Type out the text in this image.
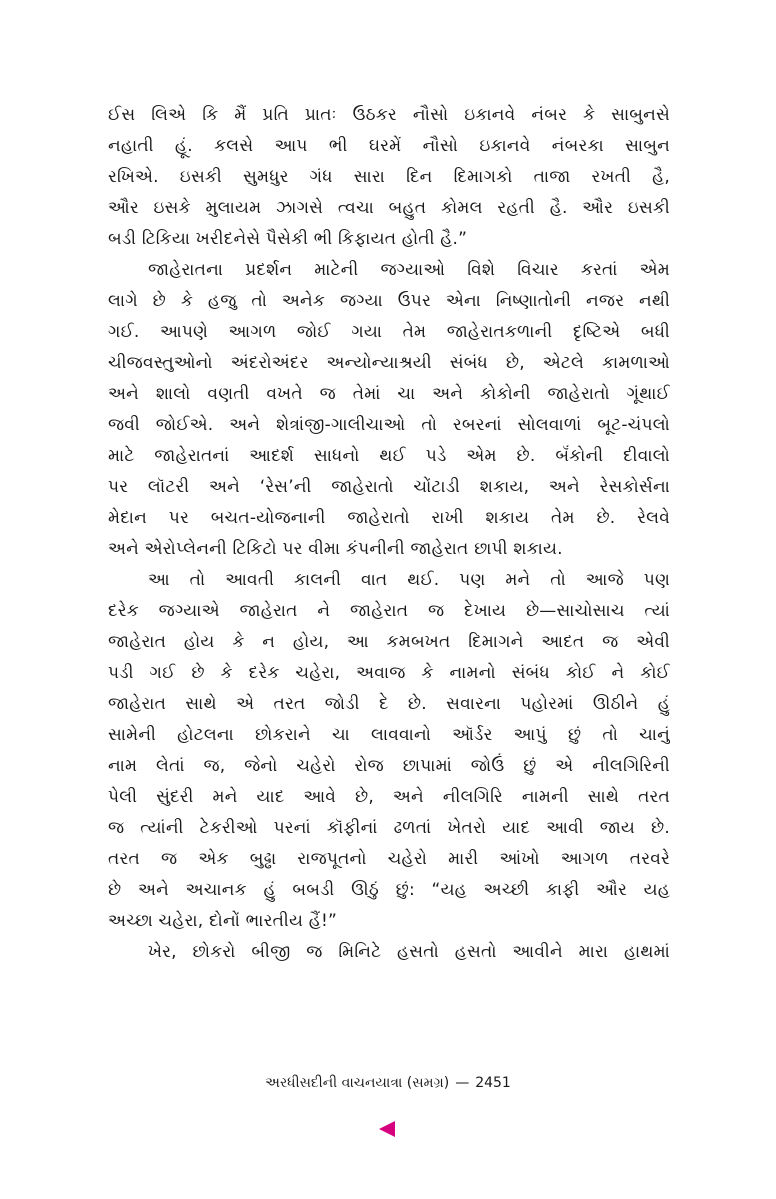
ઈસ લિએ કિ મૈં પ્રતિ પ્રાતઃ ઉઠકર નૌસો ઇકાનવે નંબર કે સાબુનસે
નહાતી હૂં. કલસે આપ ભી ઘરમેં નૌસો ઇકાનવે નંબરકા સાબુન
રખિએ. ઇસકી સુમધુર ગંધ સારા દિન દિમાગકો તાજા રખતી હૈ,
ઔર ઇસકે મુલાયમ ઝાગસે ત્વચા બહુત કોમલ રહતી હૈ. ઔર ઇસકી
બડી ટિકિયા ખરીદનેસે પૈસેકી ભી કિફાયત હોતી હૈ.”
જાહેરાતના પ્રદર્શન માટેની જગ્યાઓ વિશે વિચાર કરતાં એમ
લાગે છે કે હજુ તો અનેક જગ્યા ઉપર એના નિષ્ણાતોની નજર નથી
ગઈ. આપણે આગળ જોઈ ગયા તેમ જાહેરાતકળાની દૃષ્ટિએ બધી
ચીજવસ્તુઓનો અંદરોઅંદર અન્યોન્યાશ્રયી સંબંધ છે, એટલે કામળાઓ
અને શાલો વણતી વખતે જ તેમાં ચા અને કોકોની જાહેરાતો ગૂંથાઈ
જવી જોઈએ. અને શેત્રાંજી-ગાલીચાઓ તો રબરનાં સોલવાળાં બૂટ-ચંપલો
માટે જાહેરાતનાં આદર્શ સાધનો થઈ પડે એમ છે. બૅંકોની દીવાલો
પર લૉટરી અને ‘રેસ’ની જાહેરાતો ચોંટાડી શકાય, અને રેસકોર્સના
મેદાન પર બચત-યોજનાની જાહેરાતો રાખી શકાય તેમ છે. રેલવે
અને એરોપ્લેનની ટિકિટો પર વીમા કંપનીની જાહેરાત છાપી શકાય.
આ તો આવતી કાલની વાત થઈ. પણ મને તો આજે પણ
દરેક જગ્યાએ જાહેરાત ને જાહેરાત જ દેખાય છે—સાચોસાચ ત્યાં
જાહેરાત હોય કે ન હોય, આ કમબખત દિમાગને આદત જ એવી
પડી ગઈ છે કે દરેક ચહેરા, અવાજ કે નામનો સંબંધ કોઈ ને કોઈ
જાહેરાત સાથે એ તરત જોડી દે છે. સવારના પહોરમાં ઊઠીને હું
સામેની હોટલના છોકરાને ચા લાવવાનો ઑર્ડર આપું છું તો ચાનું
નામ લેતાં જ, જેનો ચહેરો રોજ છાપામાં જોઉં છું એ નીલગિરિની
પેલી સુંદરી મને યાદ આવે છે, અને નીલગિરિ નામની સાથે તરત
જ ત્યાંની ટેકરીઓ પરનાં કૉફીનાં ઢળતાં ખેતરો યાદ આવી જાય છે.
તરત જ એક બુઢ્ઢા રાજપૂતનો ચહેરો મારી આંખો આગળ તરવરે
છે અને અચાનક હું બબડી ઊઠું છું: “યહ અચ્છી કાફી ઔર યહ
અચ્છા ચહેરા, દોનોં ભારતીય હૈં!”
ખેર, છોકરો બીજી જ મિનિટે હસતો હસતો આવીને મારા હાથમાં
અરધીસદીની વાચનયાત્રા (સમગ્ર) — 2451
